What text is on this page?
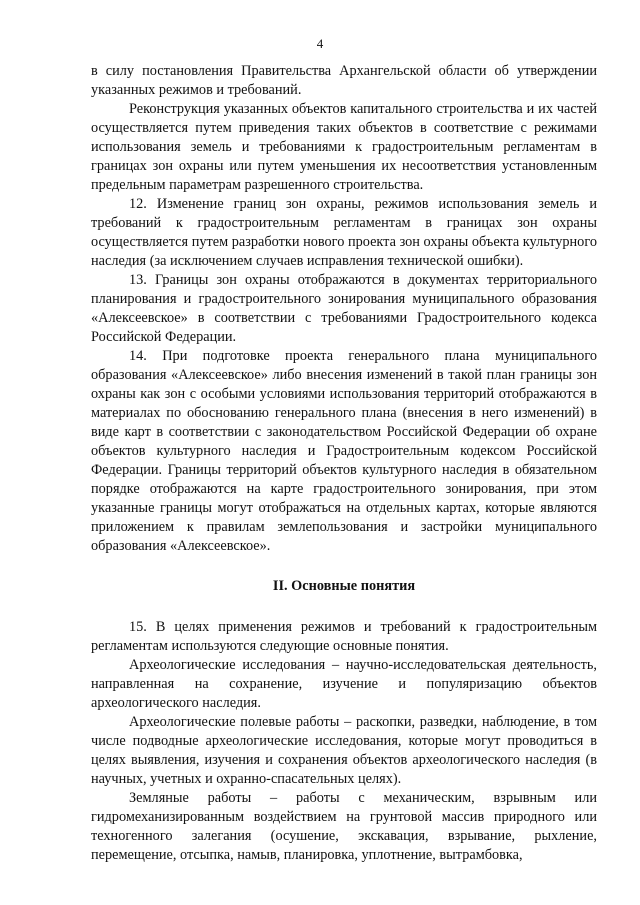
4

в силу постановления Правительства Архангельской области об утверждении указанных режимов и требований.

Реконструкция указанных объектов капитального строительства и их частей осуществляется путем приведения таких объектов в соответствие с режимами использования земель и требованиями к градостроительным регламентам в границах зон охраны или путем уменьшения их несоответствия установленным предельным параметрам разрешенного строительства.

12. Изменение границ зон охраны, режимов использования земель и требований к градостроительным регламентам в границах зон охраны осуществляется путем разработки нового проекта зон охраны объекта культурного наследия (за исключением случаев исправления технической ошибки).

13. Границы зон охраны отображаются в документах территориального планирования и градостроительного зонирования муниципального образования «Алексеевское» в соответствии с требованиями Градостроительного кодекса Российской Федерации.

14. При подготовке проекта генерального плана муниципального образования «Алексеевское» либо внесения изменений в такой план границы зон охраны как зон с особыми условиями использования территорий отображаются в материалах по обоснованию генерального плана (внесения в него изменений) в виде карт в соответствии с законодательством Российской Федерации об охране объектов культурного наследия и Градостроительным кодексом Российской Федерации. Границы территорий объектов культурного наследия в обязательном порядке отображаются на карте градостроительного зонирования, при этом указанные границы могут отображаться на отдельных картах, которые являются приложением к правилам землепользования и застройки муниципального образования «Алексеевское».

II. Основные понятия

15. В целях применения режимов и требований к градостроительным регламентам используются следующие основные понятия.

Археологические исследования – научно-исследовательская деятельность, направленная на сохранение, изучение и популяризацию объектов археологического наследия.

Археологические полевые работы – раскопки, разведки, наблюдение, в том числе подводные археологические исследования, которые могут проводиться в целях выявления, изучения и сохранения объектов археологического наследия (в научных, учетных и охранно-спасательных целях).

Земляные работы – работы с механическим, взрывным или гидромеханизированным воздействием на грунтовой массив природного или техногенного залегания (осушение, экскавация, взрывание, рыхление, перемещение, отсыпка, намыв, планировка, уплотнение, вытрамбовка,
